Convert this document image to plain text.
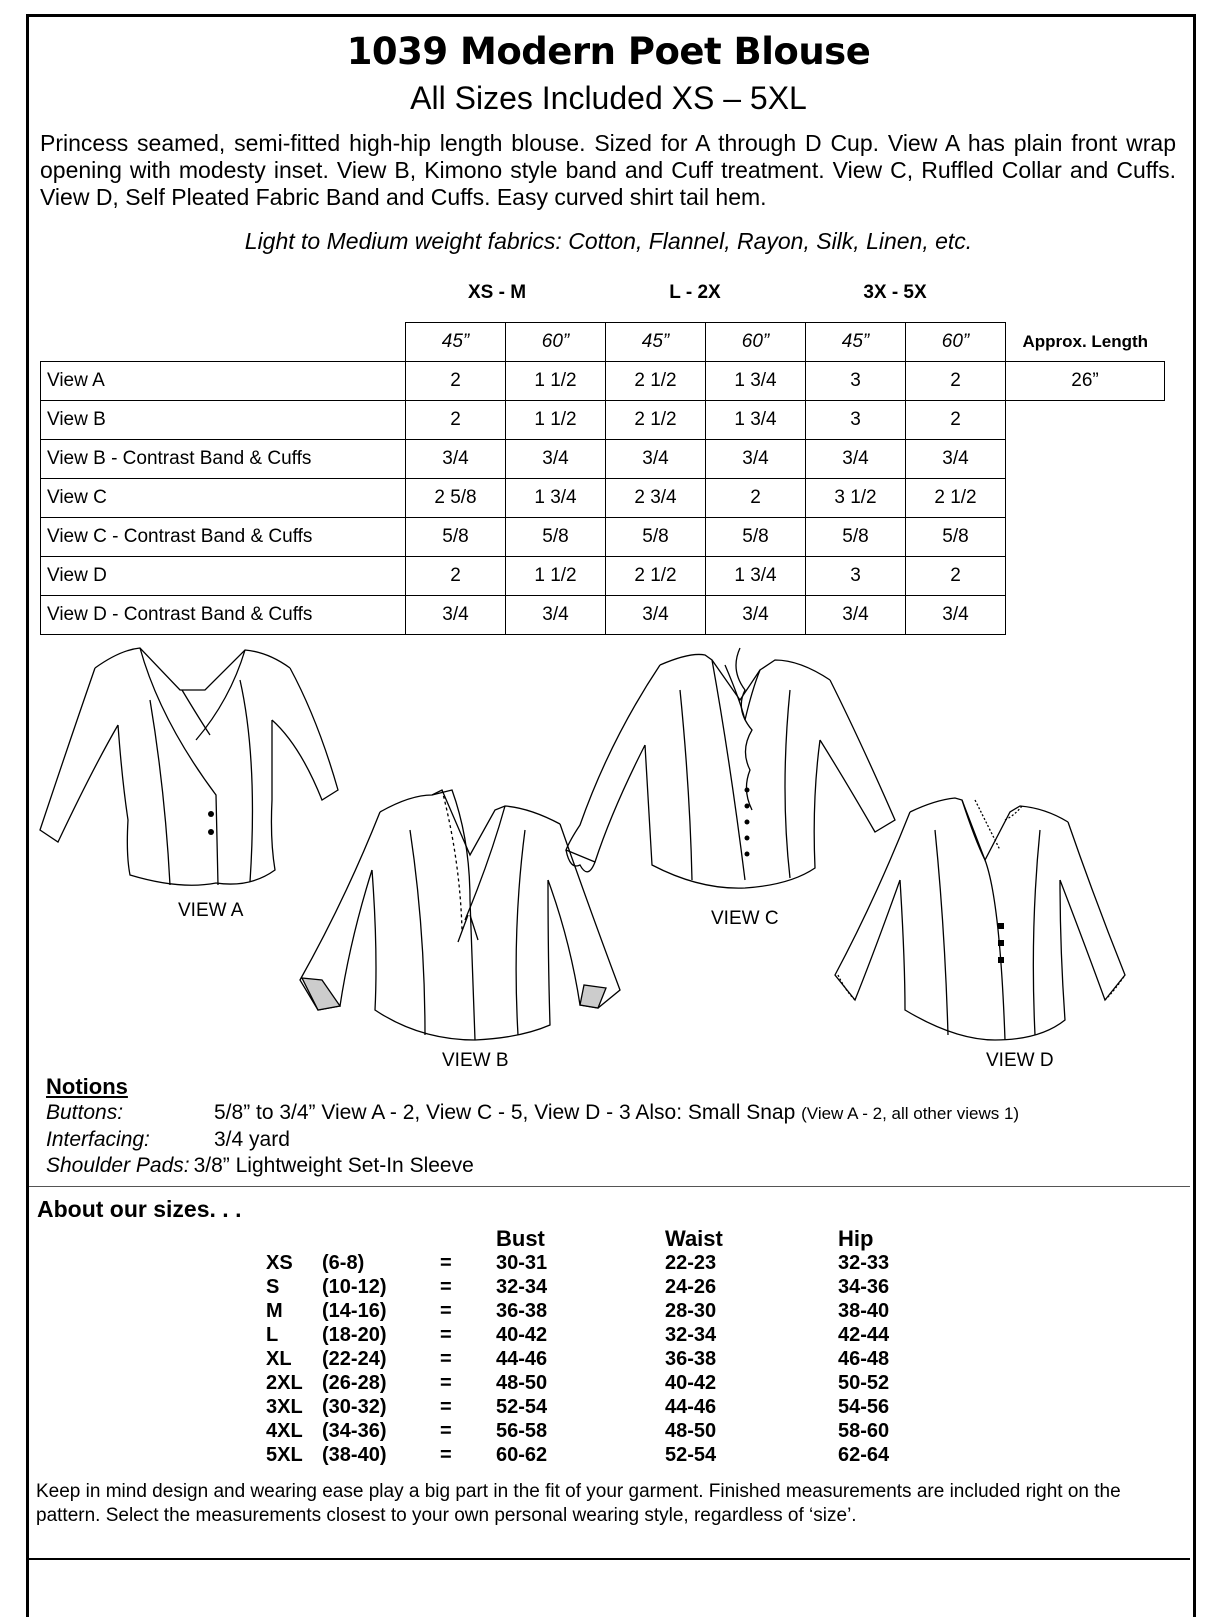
1039 Modern Poet Blouse
All Sizes Included XS – 5XL
Princess seamed, semi-fitted high-hip length blouse. Sized for A through D Cup. View A has plain front wrap opening with modesty inset. View B, Kimono style band and Cuff treatment. View C, Ruffled Collar and Cuffs. View D, Self Pleated Fabric Band and Cuffs. Easy curved shirt tail hem.
Light to Medium weight fabrics: Cotton, Flannel, Rayon, Silk, Linen, etc.
XS - M	L - 2X	3X - 5X
	45”	60”	45”	60”	45”	60”	Approx. Length
View A	2	1 1/2	2 1/2	1 3/4	3	2	26”
View B	2	1 1/2	2 1/2	1 3/4	3	2	
View B - Contrast Band & Cuffs	3/4	3/4	3/4	3/4	3/4	3/4	
View C	2 5/8	1 3/4	2 3/4	2	3 1/2	2 1/2	
View C - Contrast Band & Cuffs	5/8	5/8	5/8	5/8	5/8	5/8	
View D	2	1 1/2	2 1/2	1 3/4	3	2	
View D - Contrast Band & Cuffs	3/4	3/4	3/4	3/4	3/4	3/4	
VIEW A
VIEW B
VIEW C
VIEW D
Notions
Buttons:	5/8” to 3/4” View A - 2, View C - 5, View D - 3 Also: Small Snap (View A - 2, all other views 1)
Interfacing:	3/4 yard
Shoulder Pads: 3/8” Lightweight Set-In Sleeve
About our sizes. . .
Bust	Waist	Hip
XS (6-8)	= 30-31	22-23	32-33
S (10-12)	= 32-34	24-26	34-36
M (14-16)	= 36-38	28-30	38-40
L (18-20)	= 40-42	32-34	42-44
XL (22-24)	= 44-46	36-38	46-48
2XL (26-28)	= 48-50	40-42	50-52
3XL (30-32)	= 52-54	44-46	54-56
4XL (34-36)	= 56-58	48-50	58-60
5XL (38-40)	= 60-62	52-54	62-64
Keep in mind design and wearing ease play a big part in the fit of your garment. Finished measurements are included right on the pattern. Select the measurements closest to your own personal wearing style, regardless of ‘size’.
